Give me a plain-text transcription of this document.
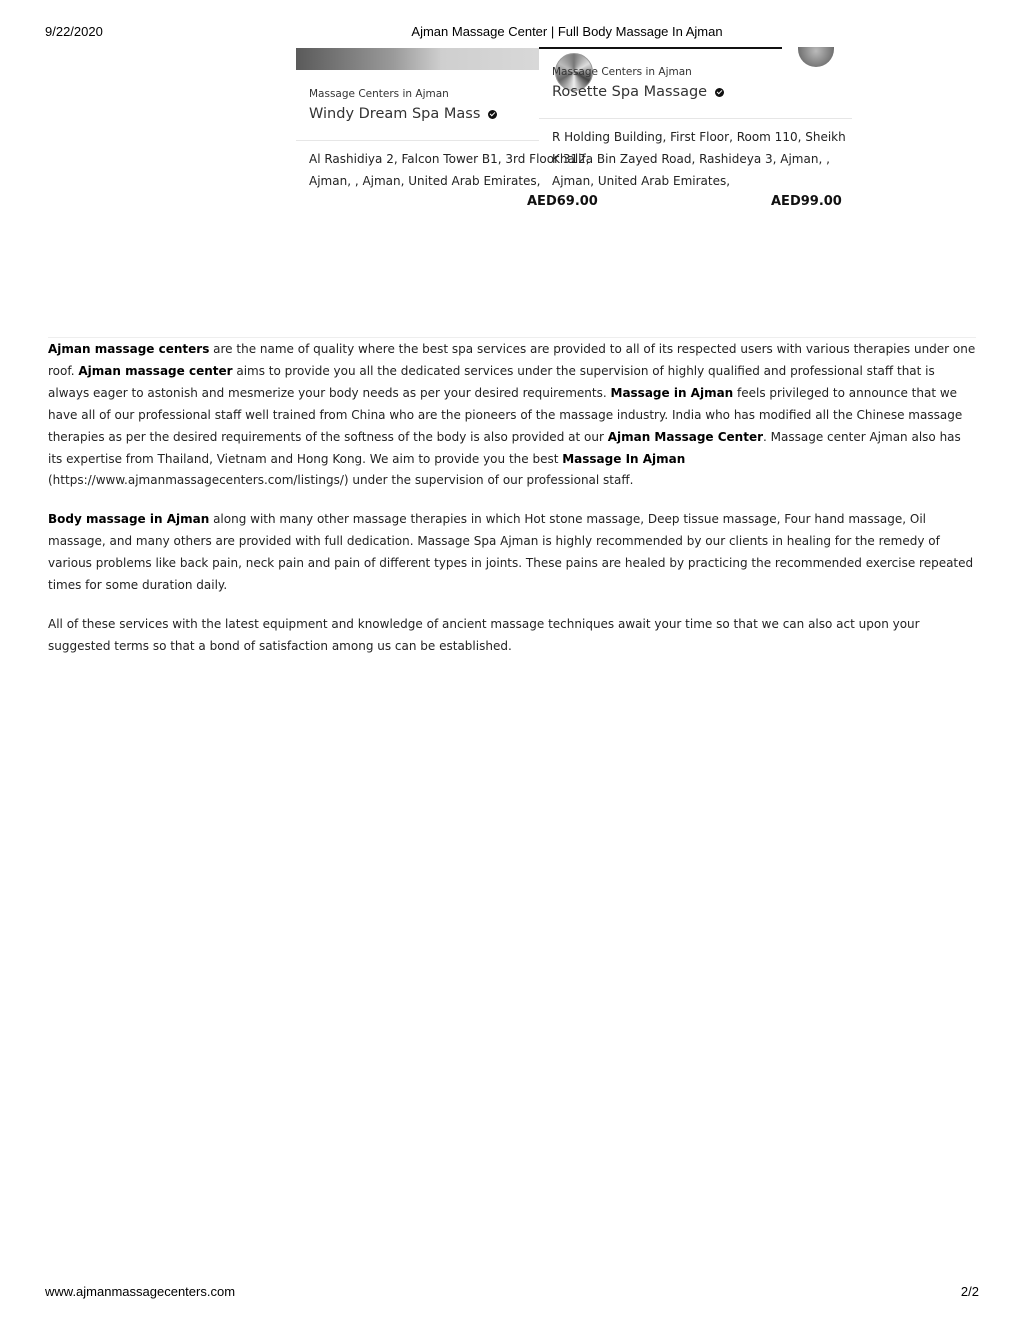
9/22/2020	Ajman Massage Center | Full Body Massage In Ajman
Massage Centers in Ajman
Windy Dream Spa Mass
Al Rashidiya 2, Falcon Tower B1, 3rd Floor 312,
Ajman, , Ajman, United Arab Emirates,
AED69.00
Massage Centers in Ajman
Rosette Spa Massage
R Holding Building, First Floor, Room 110, Sheikh
Khalifa Bin Zayed Road, Rashideya 3, Ajman, ,
Ajman, United Arab Emirates,
AED99.00

Ajman massage centers are the name of quality where the best spa services are provided to all of its respected users with various therapies under one roof. Ajman massage center aims to provide you all the dedicated services under the supervision of highly qualified and professional staff that is always eager to astonish and mesmerize your body needs as per your desired requirements. Massage in Ajman feels privileged to announce that we have all of our professional staff well trained from China who are the pioneers of the massage industry. India who has modified all the Chinese massage therapies as per the desired requirements of the softness of the body is also provided at our Ajman Massage Center. Massage center Ajman also has its expertise from Thailand, Vietnam and Hong Kong. We aim to provide you the best Massage In Ajman (https://www.ajmanmassagecenters.com/listings/) under the supervision of our professional staff.

Body massage in Ajman along with many other massage therapies in which Hot stone massage, Deep tissue massage, Four hand massage, Oil massage, and many others are provided with full dedication. Massage Spa Ajman is highly recommended by our clients in healing for the remedy of various problems like back pain, neck pain and pain of different types in joints. These pains are healed by practicing the recommended exercise repeated times for some duration daily.

All of these services with the latest equipment and knowledge of ancient massage techniques await your time so that we can also act upon your suggested terms so that a bond of satisfaction among us can be established.

www.ajmanmassagecenters.com	2/2
